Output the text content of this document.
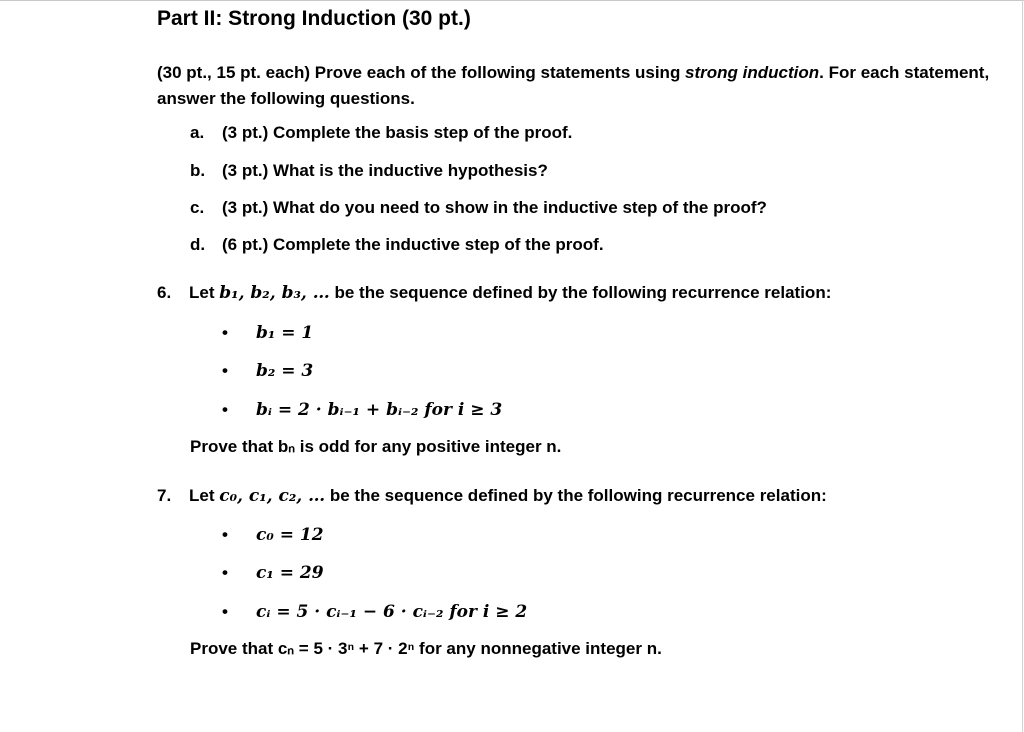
Part II: Strong Induction (30 pt.)
(30 pt., 15 pt. each) Prove each of the following statements using strong induction. For each statement, answer the following questions.
a. (3 pt.) Complete the basis step of the proof.
b. (3 pt.) What is the inductive hypothesis?
c. (3 pt.) What do you need to show in the inductive step of the proof?
d. (6 pt.) Complete the inductive step of the proof.
6. Let b₁, b₂, b₃, … be the sequence defined by the following recurrence relation:
• b₁ = 1
• b₂ = 3
• bᵢ = 2 · bᵢ₋₁ + bᵢ₋₂ for i ≥ 3
Prove that bₙ is odd for any positive integer n.
7. Let c₀, c₁, c₂, … be the sequence defined by the following recurrence relation:
• c₀ = 12
• c₁ = 29
• cᵢ = 5 · cᵢ₋₁ − 6 · cᵢ₋₂ for i ≥ 2
Prove that cₙ = 5 · 3ⁿ + 7 · 2ⁿ for any nonnegative integer n.
